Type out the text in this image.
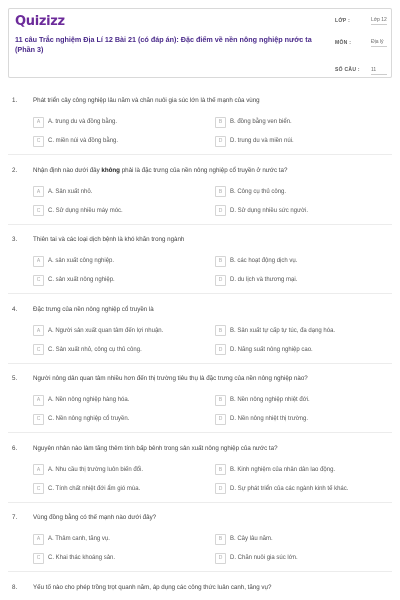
Quizizz
11 câu Trắc nghiệm Địa Lí 12 Bài 21 (có đáp án): Đặc điểm về nền nông nghiệp nước ta (Phần 3)
LỚP :	Lớp 12
MÔN :	Địa lý
SỐ CÂU : 11
1.	Phát triển cây công nghiệp lâu năm và chăn nuôi gia súc lớn là thế mạnh của vùng
A	A. trung du và đồng bằng.	B	B. đồng bằng ven biển.
C	C. miền núi và đồng bằng.	D	D. trung du và miền núi.
2.	Nhận định nào dưới đây không phải là đặc trưng của nền nông nghiệp cổ truyền ở nước ta?
A	A. Sản xuất nhỏ.	B	B. Công cụ thủ công.
C	C. Sử dụng nhiều máy móc.	D	D. Sử dụng nhiều sức người.
3.	Thiên tai và các loại dịch bệnh là khó khăn trong ngành
A	A. sản xuất công nghiệp.	B	B. các hoạt động dịch vụ.
C	C. sản xuất nông nghiệp.	D	D. du lịch và thương mại.
4.	Đặc trưng của nền nông nghiệp cổ truyền là
A	A. Người sản xuất quan tâm đến lợi nhuận.	B	B. Sản xuất tự cấp tự túc, đa dạng hóa.
C	C. Sản xuất nhỏ, công cụ thủ công.	D	D. Năng suất nông nghiệp cao.
5.	Người nông dân quan tâm nhiều hơn đến thị trường tiêu thụ là đặc trưng của nền nông nghiệp nào?
A	A. Nền nông nghiệp hàng hóa.	B	B. Nền nông nghiệp nhiệt đới.
C	C. Nền nông nghiệp cổ truyền.	D	D. Nền nông nhiệt thị trường.
6.	Nguyên nhân nào làm tăng thêm tính bấp bênh trong sản xuất nông nghiệp của nước ta?
A	A. Nhu cầu thị trường luôn biến đổi.	B	B. Kinh nghiệm của nhân dân lao động.
C	C. Tính chất nhiệt đới ẩm gió mùa.	D	D. Sự phát triển của các ngành kinh tế khác.
7.	Vùng đồng bằng có thế mạnh nào dưới đây?
A	A. Thâm canh, tăng vụ.	B	B. Cây lâu năm.
C	C. Khai thác khoáng sản.	D	D. Chăn nuôi gia súc lớn.
8.	Yếu tố nào cho phép trồng trọt quanh năm, áp dụng các công thức luân canh, tăng vụ?
